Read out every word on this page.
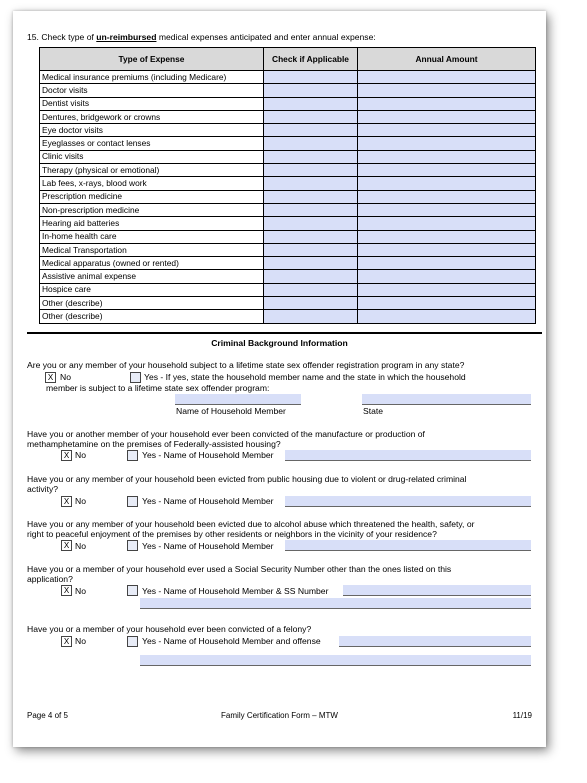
15. Check type of un-reimbursed medical expenses anticipated and enter annual expense:
Type of Expense	Check if Applicable	Annual Amount
Medical insurance premiums (including Medicare)		
Doctor visits		
Dentist visits		
Dentures, bridgework or crowns		
Eye doctor visits		
Eyeglasses or contact lenses		
Clinic visits		
Therapy (physical or emotional)		
Lab fees, x-rays, blood work		
Prescription medicine		
Non-prescription medicine		
Hearing aid batteries		
In-home health care		
Medical Transportation		
Medical apparatus (owned or rented)		
Assistive animal expense		
Hospice care		
Other (describe)		
Other (describe)		
Criminal Background Information
Are you or any member of your household subject to a lifetime state sex offender registration program in any state?
X No	Yes - If yes, state the household member name and the state in which the household
member is subject to a lifetime state sex offender program:
Name of Household Member	State
Have you or another member of your household ever been convicted of the manufacture or production of
methamphetamine on the premises of Federally-assisted housing?
X No	Yes - Name of Household Member
Have you or any member of your household been evicted from public housing due to violent or drug-related criminal
activity?
X No	Yes - Name of Household Member
Have you or any member of your household been evicted due to alcohol abuse which threatened the health, safety, or
right to peaceful enjoyment of the premises by other residents or neighbors in the vicinity of your residence?
X No	Yes - Name of Household Member
Have you or a member of your household ever used a Social Security Number other than the ones listed on this
application?
X No	Yes - Name of Household Member & SS Number
Have you or a member of your household ever been convicted of a felony?
X No	Yes - Name of Household Member and offense
Page 4 of 5	Family Certification Form – MTW	11/19
